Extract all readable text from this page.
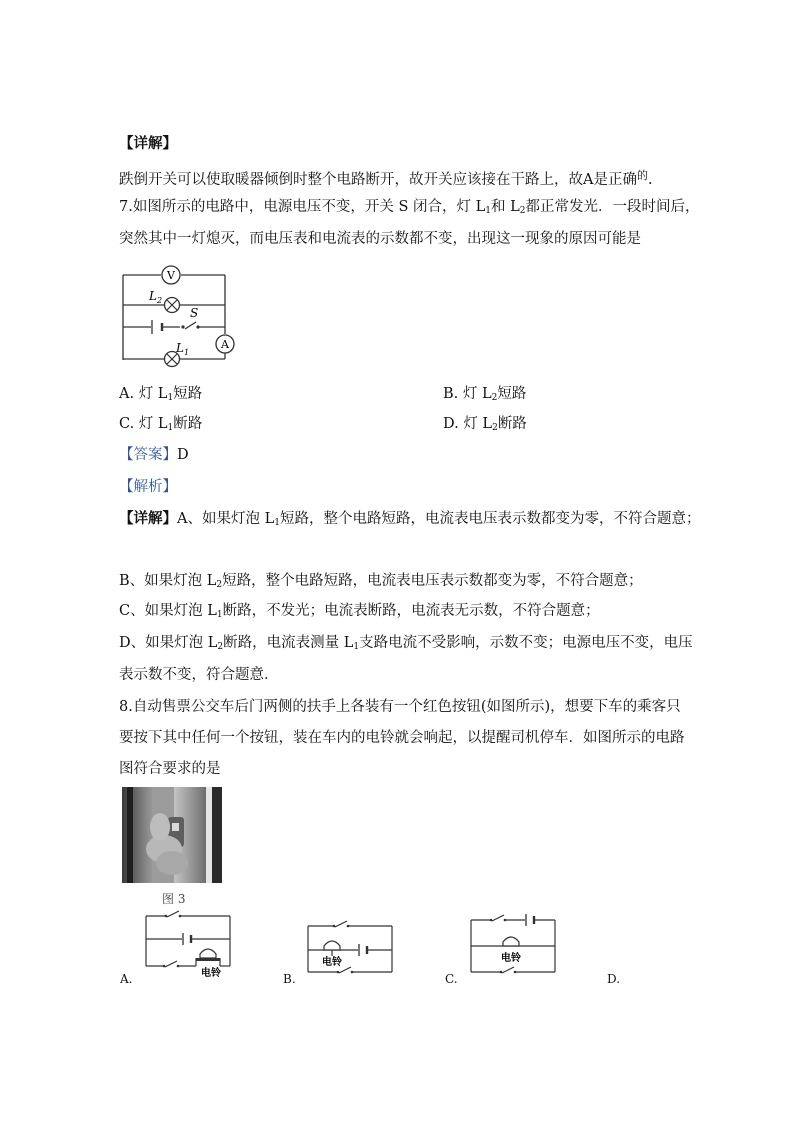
【详解】
跌倒开关可以使取暖器倾倒时整个电路断开，故开关应该接在干路上，故A是正确$^的$.
7.如图所示的电路中，电源电压不变，开关 S 闭合，灯 $L_1$和 $L_2$都正常发光．一段时间后，
突然其中一灯熄灭，而电压表和电流表的示数都不变，出现这一现象的原因可能是
V
$L_2$
S
A
$L_1$
A. 灯 $L_1$短路	B. 灯 $L_2$短路
C. 灯 $L_1$断路	D. 灯 $L_2$断路
【答案】D
【解析】
【详解】A、如果灯泡 $L_1$短路，整个电路短路，电流表电压表示数都变为零，不符合题意；
B、如果灯泡 $L_2$短路，整个电路短路，电流表电压表示数都变为零，不符合题意；
C、如果灯泡 $L_1$断路，不发光；电流表断路，电流表无示数，不符合题意；
D、如果灯泡 $L_2$断路，电流表测量 $L_1$支路电流不受影响，示数不变；电源电压不变，电压
表示数不变，符合题意．
8.自动售票公交车后门两侧的扶手上各装有一个红色按钮(如图所示)，想要下车的乘客只
要按下其中任何一个按钮，装在车内的电铃就会响起，以提醒司机停车．如图所示的电路
图符合要求的是
图 3
电铃
A.
电铃
B.
电铃
C.	D.
